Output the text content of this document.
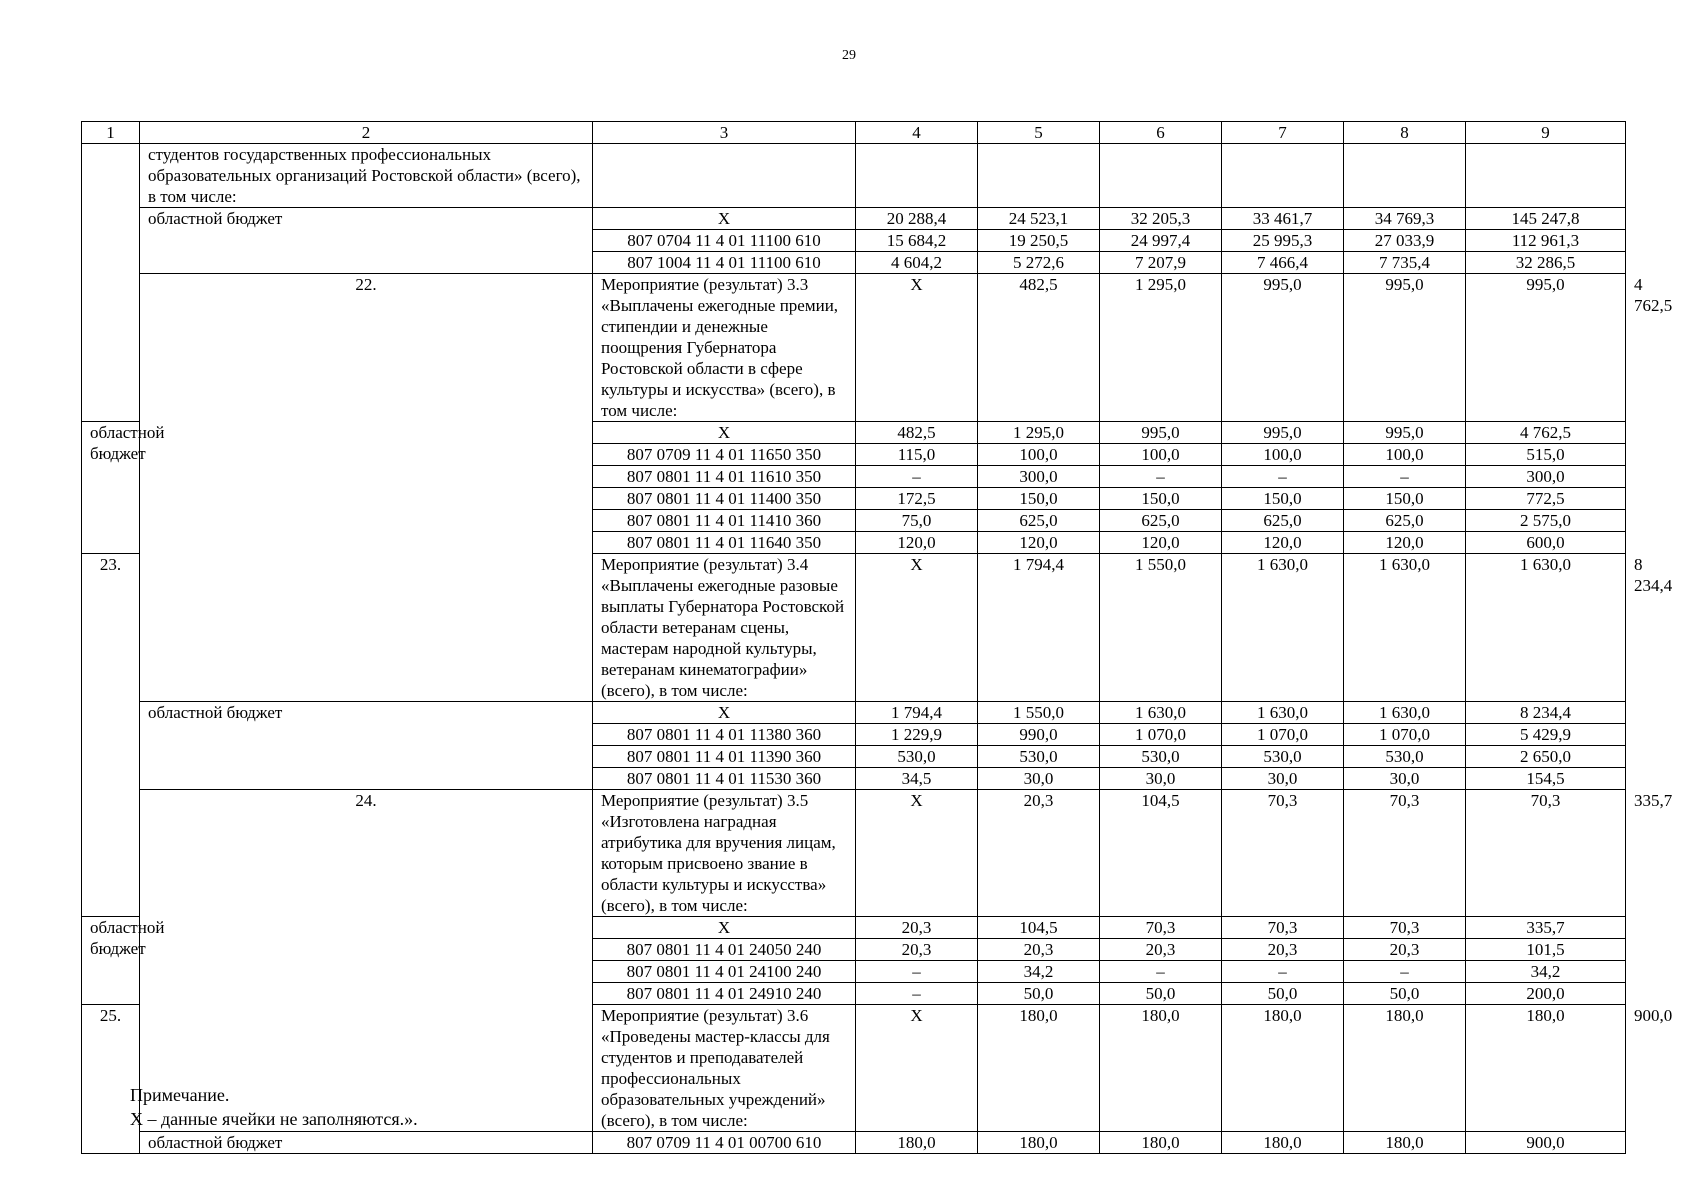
29
1	2	3	4	5	6	7	8	9	
	студентов государственных профессиональных образовательных организаций Ростовской области» (всего), в том числе:								
	областной бюджет	X	20 288,4	24 523,1	32 205,3	33 461,7	34 769,3	145 247,8	
		807 0704 11 4 01 11100 610	15 684,2	19 250,5	24 997,4	25 995,3	27 033,9	112 961,3	
		807 1004 11 4 01 11100 610	4 604,2	5 272,6	7 207,9	7 466,4	7 735,4	32 286,5	
	22.	Мероприятие (результат) 3.3 «Выплачены ежегодные премии, стипендии и денежные поощрения Губернатора Ростовской области в сфере культуры и искусства» (всего), в том числе:	X	482,5	1 295,0	995,0	995,0	995,0	4 762,5
областной бюджет		X	482,5	1 295,0	995,0	995,0	995,0	4 762,5	
		807 0709 11 4 01 11650 350	115,0	100,0	100,0	100,0	100,0	515,0	
		807 0801 11 4 01 11610 350	–	300,0	–	–	–	300,0	
		807 0801 11 4 01 11400 350	172,5	150,0	150,0	150,0	150,0	772,5	
		807 0801 11 4 01 11410 360	75,0	625,0	625,0	625,0	625,0	2 575,0	
		807 0801 11 4 01 11640 350	120,0	120,0	120,0	120,0	120,0	600,0	
23.		Мероприятие (результат) 3.4 «Выплачены ежегодные разовые выплаты Губернатора Ростовской области ветеранам сцены, мастерам народной культуры, ветеранам кинематографии» (всего), в том числе:	X	1 794,4	1 550,0	1 630,0	1 630,0	1 630,0	8 234,4
	областной бюджет	X	1 794,4	1 550,0	1 630,0	1 630,0	1 630,0	8 234,4	
		807 0801 11 4 01 11380 360	1 229,9	990,0	1 070,0	1 070,0	1 070,0	5 429,9	
		807 0801 11 4 01 11390 360	530,0	530,0	530,0	530,0	530,0	2 650,0	
		807 0801 11 4 01 11530 360	34,5	30,0	30,0	30,0	30,0	154,5	
	24.	Мероприятие (результат) 3.5 «Изготовлена наградная атрибутика для вручения лицам, которым присвоено звание в области культуры и искусства» (всего), в том числе:	X	20,3	104,5	70,3	70,3	70,3	335,7
областной бюджет		X	20,3	104,5	70,3	70,3	70,3	335,7	
		807 0801 11 4 01 24050 240	20,3	20,3	20,3	20,3	20,3	101,5	
		807 0801 11 4 01 24100 240	–	34,2	–	–	–	34,2	
		807 0801 11 4 01 24910 240	–	50,0	50,0	50,0	50,0	200,0	
25.		Мероприятие (результат) 3.6 «Проведены мастер-классы для студентов и преподавателей профессиональных образовательных учреждений» (всего), в том числе:	X	180,0	180,0	180,0	180,0	180,0	900,0
	областной бюджет	807 0709 11 4 01 00700 610	180,0	180,0	180,0	180,0	180,0	900,0	
Примечание.
X – данные ячейки не заполняются.».
